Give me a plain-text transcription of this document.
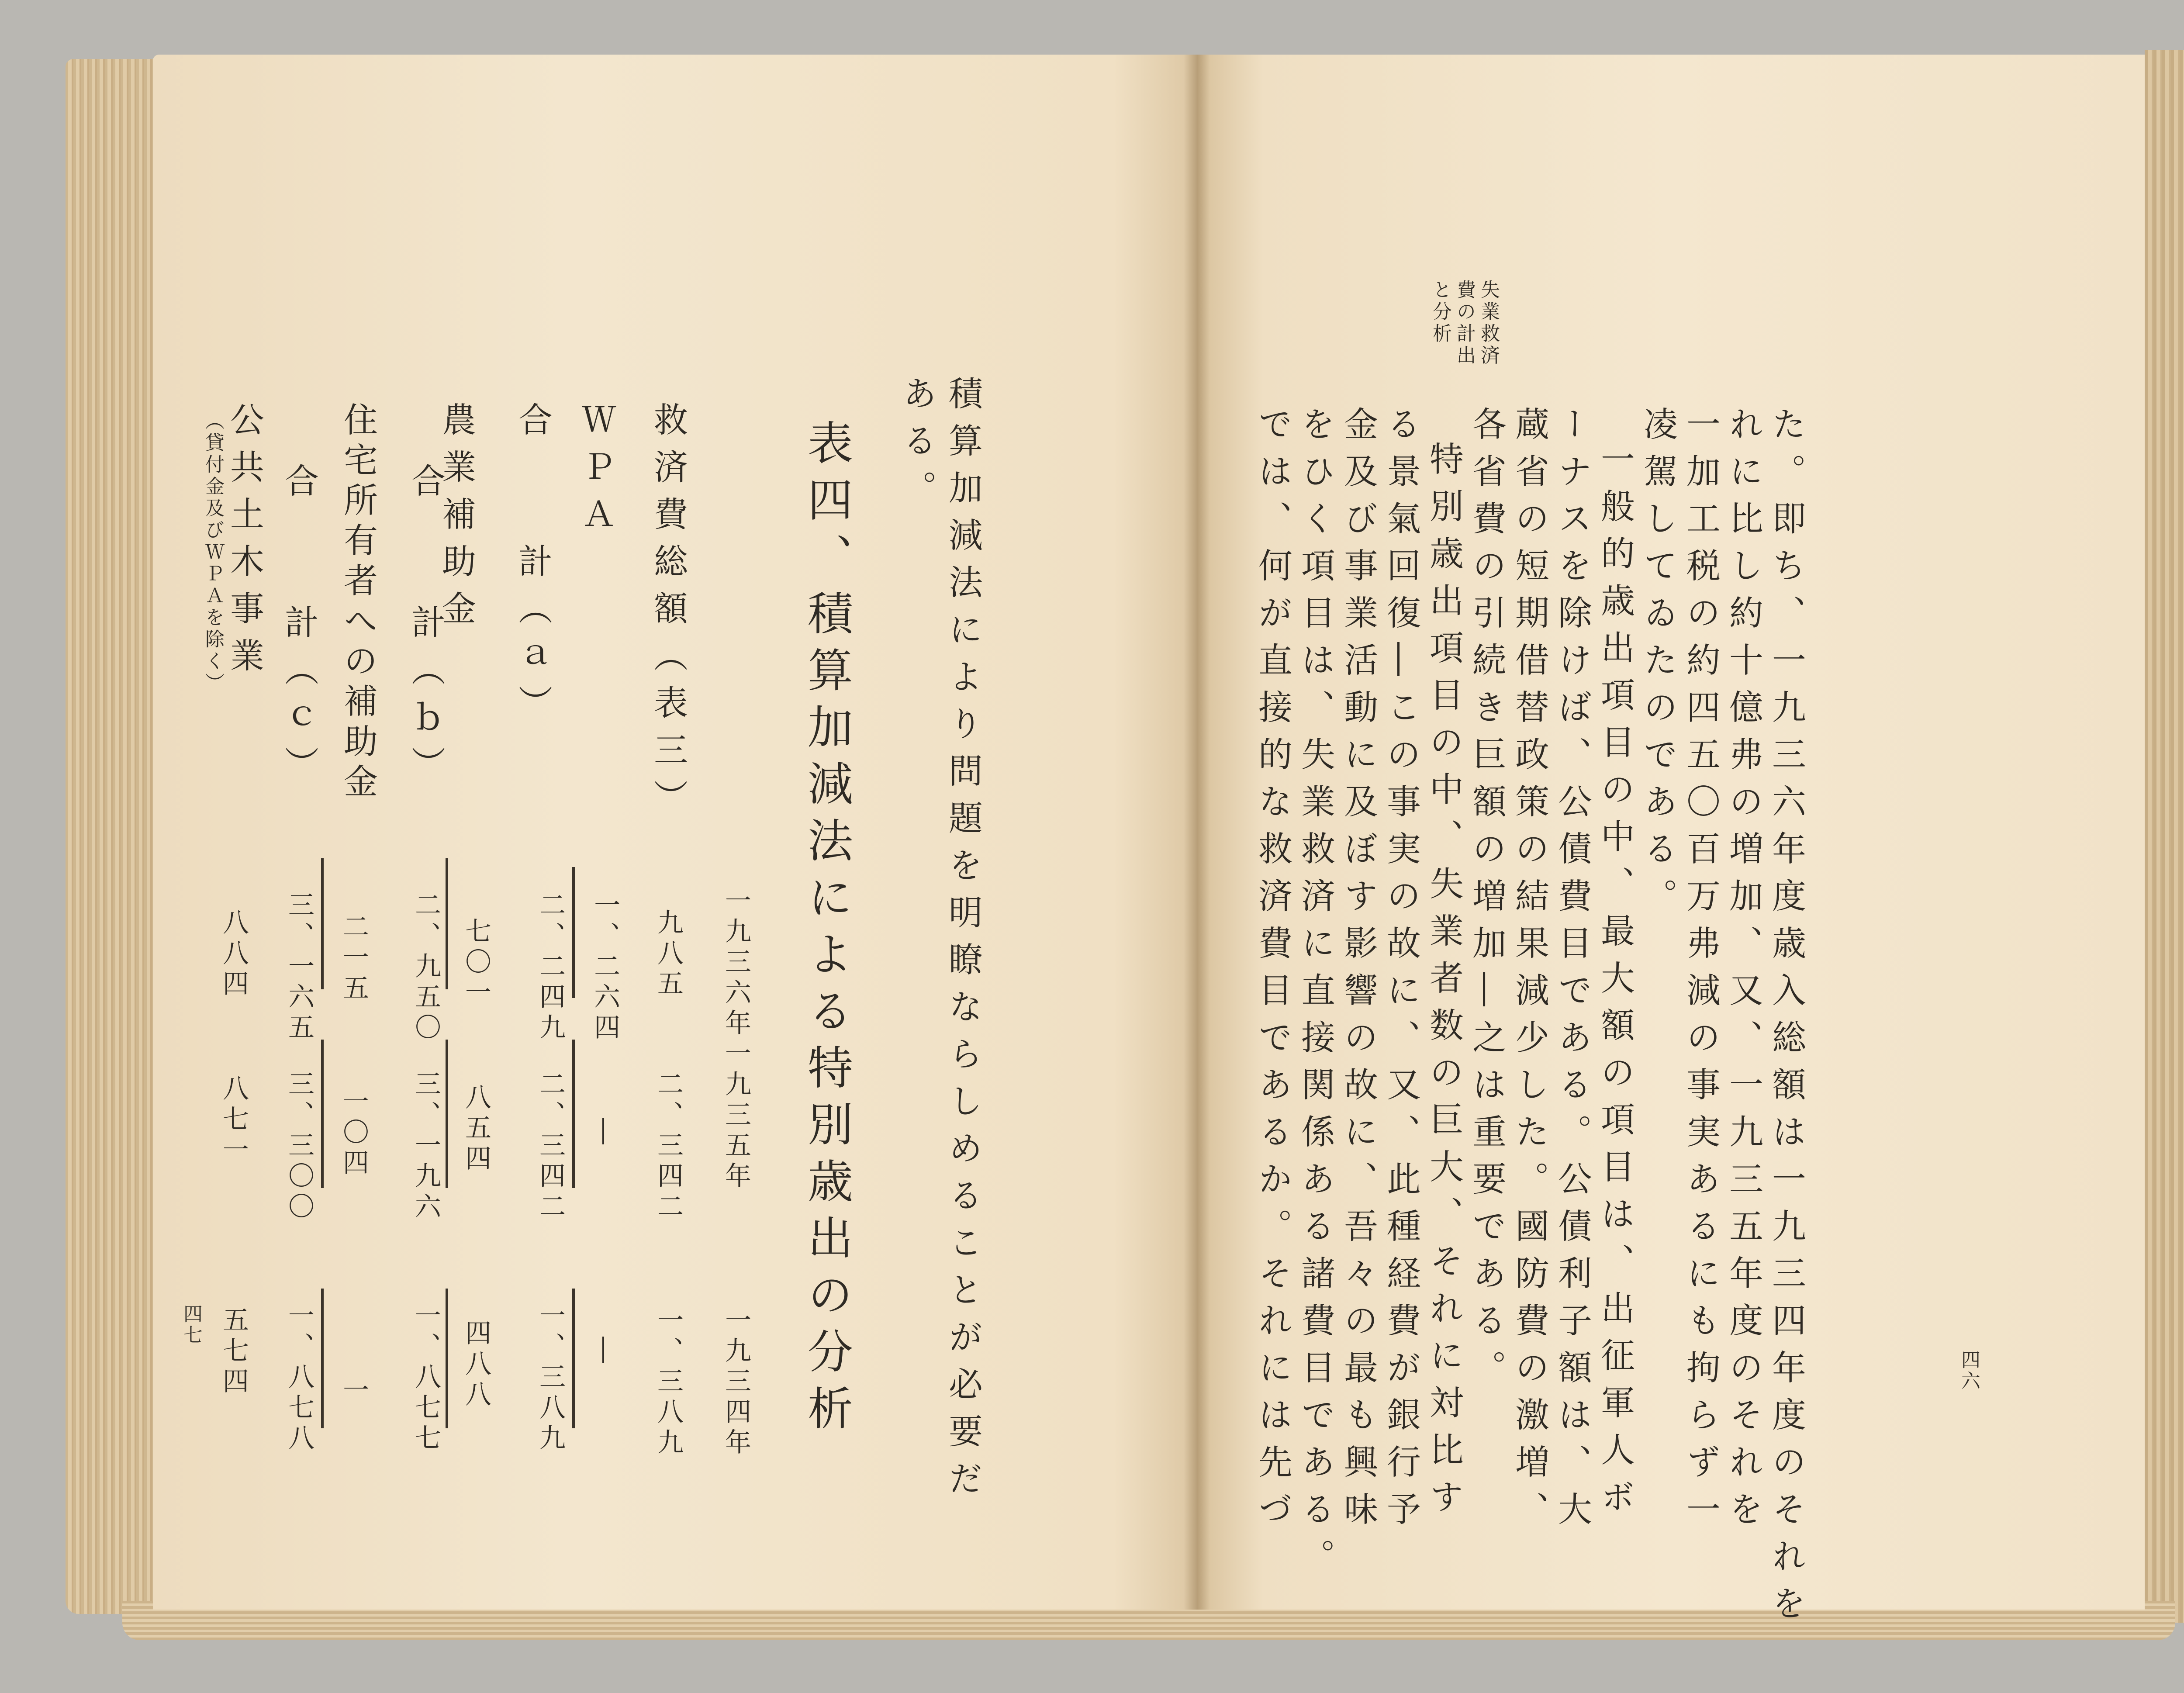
失業救済
費の
計出
と分析
た。即ち、一九三六年度歳入総額は一九三四年度のそれを
れに比し約十億弗の増加、又、一九三五年度のそれを
一加工税の約四五〇百万弗減の事実あるにも拘らず一
凌駕してゐたのである。
一般的歳出項目の中、最大額の項目は、出征軍人ボ
ーナスを除けば、公債費目である。公債利子額は、大
蔵省の短期借替政策の結果減少した。國防費の激増、
各省費の引続き巨額の増加―之は重要である。
特別歳出項目の中、失業者数の巨大、それに対比す
る景氣回復―この事実の故に、又、此種経費が銀行予
金及び事業活動に及ぼす影響の故に、吾々の最も興味
をひく項目は、失業救済に直接関係ある諸費目である。
では、何が直接的な救済費目であるか。それには先づ	四六
積算加減法により問題を明瞭ならしめることが必要だ
ある。
表四、積算加減法による特別歳出の分析
一九三六年
一九三五年
一九三四年
救済費総額（表三）
ＷＰＡ
合　　計（ａ）
農業補助金
合　　計（ｂ）
住宅所有者への補助金
合　　計（ｃ）
公共土木事業
（貸付金及びＷＰＡを除く）
九八五
二、三四二
一、三八九
一、二六四
―
―
二、二四九
二、三四二
一、三八九
七〇一
八五四
四八八
二、九五〇
三、一九六
一、八七七
二一五
一〇四
一
三、一六五
三、三〇〇
一、八七八
八八四
八七一
五七四
四七
